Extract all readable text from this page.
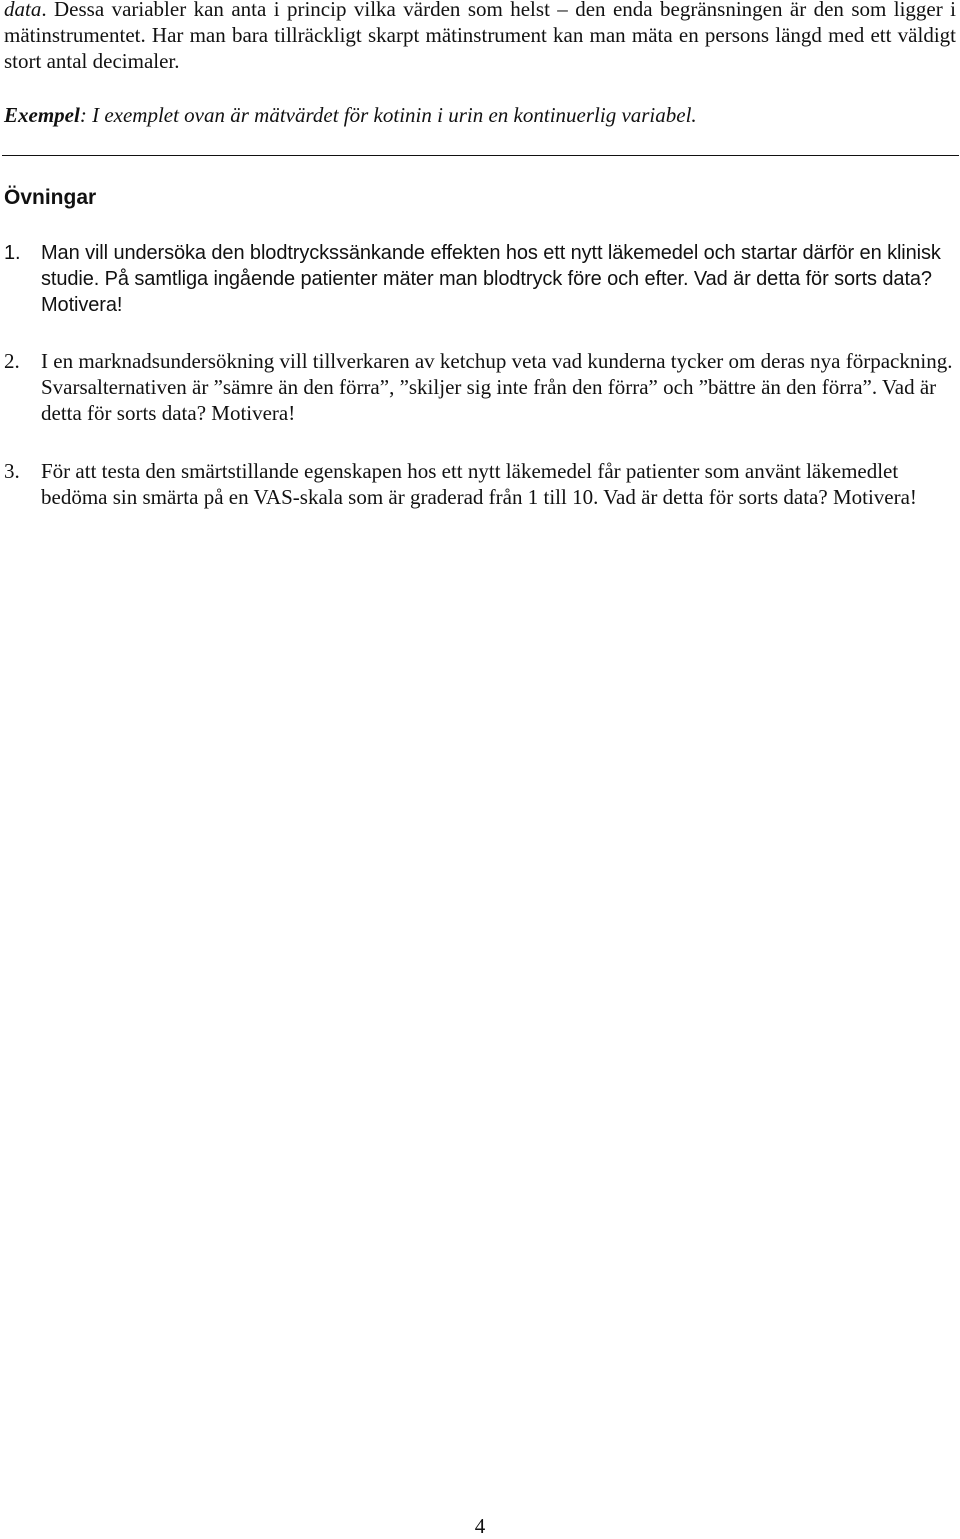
data. Dessa variabler kan anta i princip vilka värden som helst – den enda begränsningen är den som ligger i mätinstrumentet. Har man bara tillräckligt skarpt mätinstrument kan man mäta en persons längd med ett väldigt stort antal decimaler.

Exempel: I exemplet ovan är mätvärdet för kotinin i urin en kontinuerlig variabel.

Övningar
1. Man vill undersöka den blodtryckssänkande effekten hos ett nytt läkemedel och startar därför en klinisk studie. På samtliga ingående patienter mäter man blodtryck före och efter. Vad är detta för sorts data? Motivera!

2. I en marknadsundersökning vill tillverkaren av ketchup veta vad kunderna tycker om deras nya förpackning. Svarsalternativen är ”sämre än den förra”, ”skiljer sig inte från den förra” och ”bättre än den förra”. Vad är detta för sorts data? Motivera!

3. För att testa den smärtstillande egenskapen hos ett nytt läkemedel får patienter som använt läkemedlet bedöma sin smärta på en VAS-skala som är graderad från 1 till 10. Vad är detta för sorts data? Motivera!

4
